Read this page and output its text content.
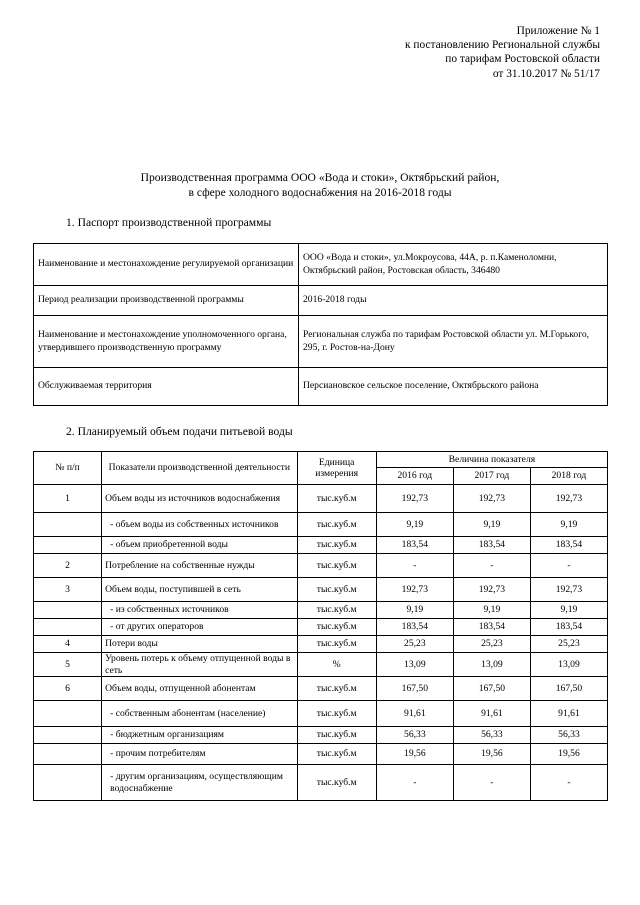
Приложение № 1
к постановлению Региональной службы
по тарифам Ростовской области
от 31.10.2017 № 51/17
Производственная программа ООО «Вода и стоки», Октябрьский район,
в сфере холодного водоснабжения на 2016-2018 годы
1. Паспорт производственной программы
Наименование и местонахождение регулируемой организации	ООО «Вода и стоки», ул.Мокроусова, 44А, р. п.Каменоломни, Октябрьский район, Ростовская область, 346480
Период реализации производственной программы	2016-2018 годы
Наименование и местонахождение уполномоченного органа, утвердившего производственную программу	Региональная служба по тарифам Ростовской области ул. М.Горького, 295, г. Ростов-на-Дону
Обслуживаемая территория	Персиановское сельское поселение, Октябрьского района
2. Планируемый объем подачи питьевой воды
№ п/п	Показатели производственной деятельности	Единица измерения	Величина показателя		
			2016 год	2017 год	2018 год
1	Объем воды из источников водоснабжения	тыс.куб.м	192,73	192,73	192,73
	- объем воды из собственных источников	тыс.куб.м	9,19	9,19	9,19
	- объем приобретенной воды	тыс.куб.м	183,54	183,54	183,54
2	Потребление на собственные нужды	тыс.куб.м	-	-	-
3	Объем воды, поступившей в сеть	тыс.куб.м	192,73	192,73	192,73
	- из собственных источников	тыс.куб.м	9,19	9,19	9,19
	- от других операторов	тыс.куб.м	183,54	183,54	183,54
4	Потери воды	тыс.куб.м	25,23	25,23	25,23
5	Уровень потерь к объему отпущенной воды в сеть	%	13,09	13,09	13,09
6	Объем воды, отпущенной абонентам	тыс.куб.м	167,50	167,50	167,50
	- собственным абонентам (население)	тыс.куб.м	91,61	91,61	91,61
	- бюджетным организациям	тыс.куб.м	56,33	56,33	56,33
	- прочим потребителям	тыс.куб.м	19,56	19,56	19,56
	- другим организациям, осуществляющим водоснабжение	тыс.куб.м	-	-	-
